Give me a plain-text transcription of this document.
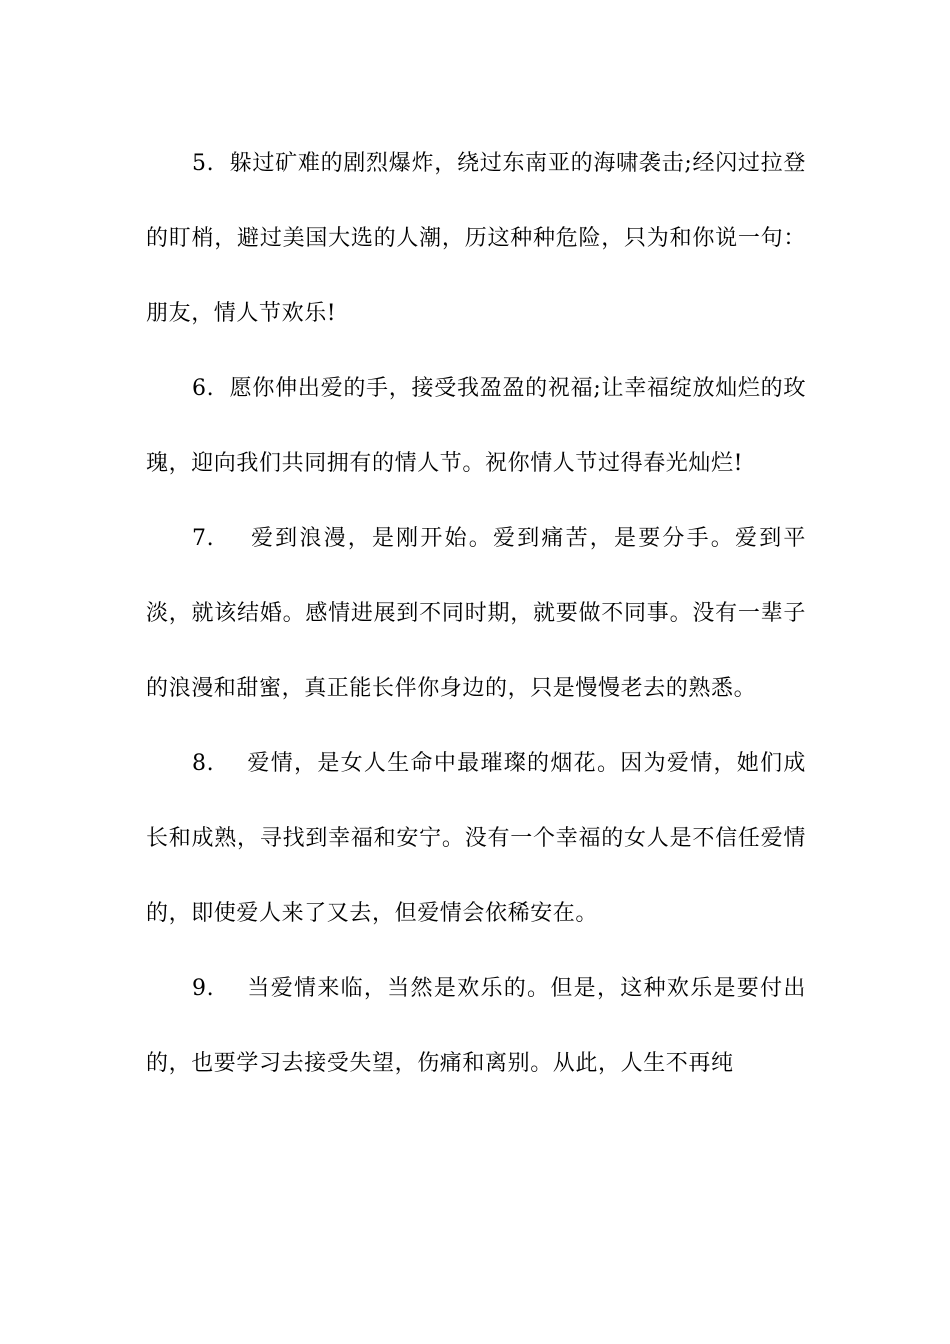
5. 躲过矿难的剧烈爆炸，绕过东南亚的海啸袭击;经闪过拉登的盯梢，避过美国大选的人潮，历这种种危险，只为和你说一句：朋友，情人节欢乐!

6. 愿你伸出爱的手，接受我盈盈的祝福;让幸福绽放灿烂的玫瑰，迎向我们共同拥有的情人节。祝你情人节过得春光灿烂!

7. 爱到浪漫，是刚开始。爱到痛苦，是要分手。爱到平淡，就该结婚。感情进展到不同时期，就要做不同事。没有一辈子的浪漫和甜蜜，真正能长伴你身边的，只是慢慢老去的熟悉。

8. 爱情，是女人生命中最璀璨的烟花。因为爱情，她们成长和成熟，寻找到幸福和安宁。没有一个幸福的女人是不信任爱情的，即使爱人来了又去，但爱情会依稀安在。

9. 当爱情来临，当然是欢乐的。但是，这种欢乐是要付出的，也要学习去接受失望，伤痛和离别。从此，人生不再纯
